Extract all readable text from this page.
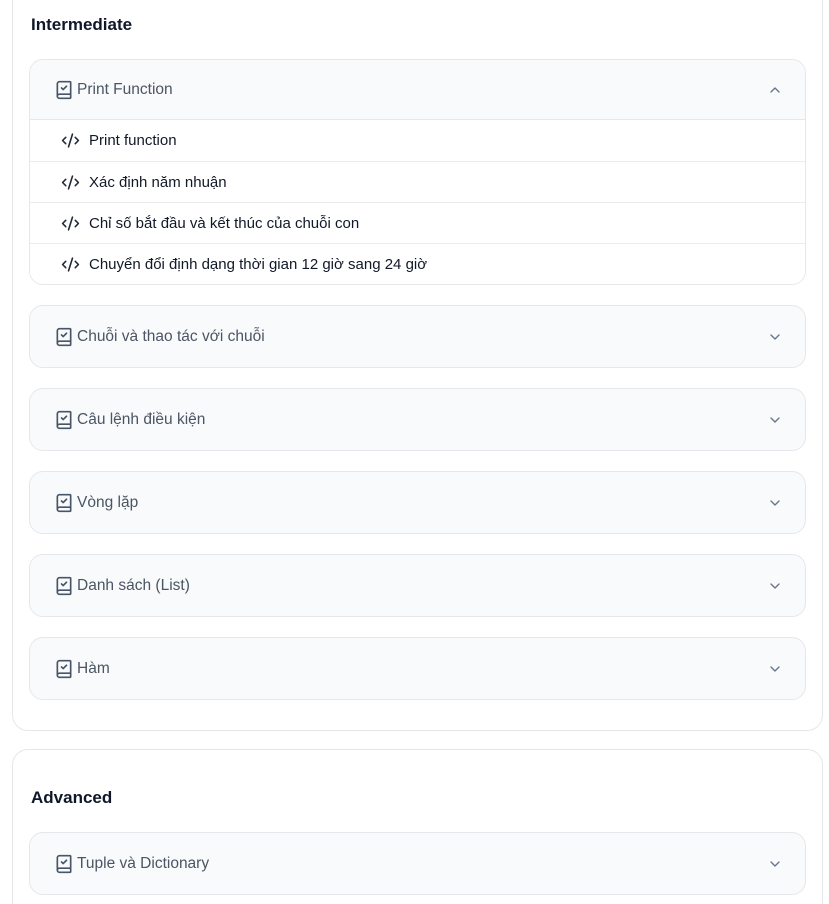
Intermediate
Print Function
Print function
Xác định năm nhuận
Chỉ số bắt đầu và kết thúc của chuỗi con
Chuyển đổi định dạng thời gian 12 giờ sang 24 giờ
Chuỗi và thao tác với chuỗi
Câu lệnh điều kiện
Vòng lặp
Danh sách (List)
Hàm
Advanced
Tuple và Dictionary
